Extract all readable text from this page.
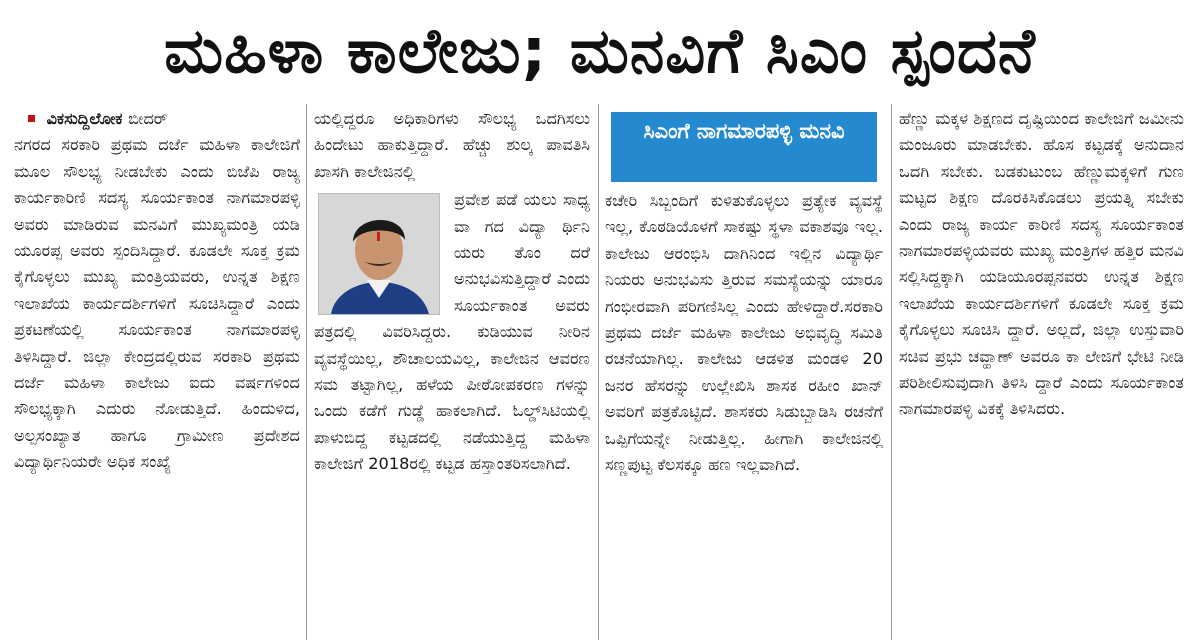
ಮಹಿಳಾ ಕಾಲೇಜು; ಮನವಿಗೆ ಸಿಎಂ ಸ್ಪಂದನೆ
ವಿಕಸುದ್ದಿಲೋಕ ಬೀದರ್

ನಗರದ ಸರಕಾರಿ ಪ್ರಥಮ ದರ್ಜೆ ಮಹಿಳಾ ಕಾಲೇಜಿಗೆ ಮೂಲ ಸೌಲಭ್ಯ ನೀಡಬೇಕು ಎಂದು ಬಿಜೆಪಿ ರಾಜ್ಯ ಕಾರ್ಯಕಾರಿಣಿ ಸದಸ್ಯ ಸೂರ್ಯಕಾಂತ ನಾಗಮಾರಪಳ್ಳಿ ಅವರು ಮಾಡಿರುವ ಮನವಿಗೆ ಮುಖ್ಯಮಂತ್ರಿ ಯಡಿ ಯೂರಪ್ಪ ಅವರು ಸ್ಪಂದಿಸಿದ್ದಾರೆ. ಕೂಡಲೇ ಸೂಕ್ತ ಕ್ರಮ ಕೈಗೊಳ್ಳಲು ಮುಖ್ಯ ಮಂತ್ರಿಯವರು, ಉನ್ನತ ಶಿಕ್ಷಣ ಇಲಾಖೆಯ ಕಾರ್ಯದರ್ಶಿಗಳಿಗೆ ಸೂಚಿಸಿದ್ದಾರೆ ಎಂದು ಪ್ರಕಟಣೆಯಲ್ಲಿ ಸೂರ್ಯಕಾಂತ ನಾಗಮಾರಪಳ್ಳಿ ತಿಳಿಸಿದ್ದಾರೆ. ಜಿಲ್ಲಾ ಕೇಂದ್ರದಲ್ಲಿರುವ ಸರಕಾರಿ ಪ್ರಥಮ ದರ್ಜೆ ಮಹಿಳಾ ಕಾಲೇಜು ಐದು ವರ್ಷಗಳಿಂದ ಸೌಲಭ್ಯಕ್ಕಾಗಿ ಎದುರು ನೋಡುತ್ತಿದೆ. ಹಿಂದುಳಿದ, ಅಲ್ಪಸಂಖ್ಯಾತ ಹಾಗೂ ಗ್ರಾಮೀಣ ಪ್ರದೇಶದ ವಿದ್ಯಾರ್ಥಿನಿಯರೇ ಅಧಿಕ ಸಂಖ್ಯೆ

ಯಲ್ಲಿದ್ದರೂ ಅಧಿಕಾರಿಗಳು ಸೌಲಭ್ಯ ಒದಗಿಸಲು ಹಿಂದೇಟು ಹಾಕುತ್ತಿದ್ದಾರೆ. ಹೆಚ್ಚು ಶುಲ್ಕ ಪಾವತಿಸಿ ಖಾಸಗಿ ಕಾಲೇಜಿನಲ್ಲಿ

ಪ್ರವೇಶ ಪಡೆ ಯಲು ಸಾಧ್ಯ ವಾ ಗದ ವಿದ್ಯಾ ರ್ಥಿನಿ ಯರು ತೊಂ ದರೆ ಅನುಭವಿಸುತ್ತಿದ್ದಾರೆ ಎಂದು ಸೂರ್ಯಕಾಂತ ಅವರು

ಪತ್ರದಲ್ಲಿ ವಿವರಿಸಿದ್ದರು. ಕುಡಿಯುವ ನೀರಿನ ವ್ಯವಸ್ಥೆಯಿಲ್ಲ, ಶೌಚಾಲಯವಿಲ್ಲ, ಕಾಲೇಜಿನ ಆವರಣ ಸಮ ತಟ್ಟಾಗಿಲ್ಲ, ಹಳೆಯ ಪೀಠೋಪಕರಣ ಗಳನ್ನು ಒಂದು ಕಡೆಗೆ ಗುಡ್ಡೆ ಹಾಕಲಾಗಿದೆ. ಓಲ್ಡ್‌ಸಿಟಿಯಲ್ಲಿ ಪಾಳುಬಿದ್ದ ಕಟ್ಟಡದಲ್ಲಿ ನಡೆಯುತ್ತಿದ್ದ ಮಹಿಳಾ ಕಾಲೇಜಿಗೆ 2018ರಲ್ಲಿ ಕಟ್ಟಡ ಹಸ್ತಾಂತರಿಸಲಾಗಿದೆ.

ಸಿಎಂಗೆ ನಾಗಮಾರಪಳ್ಳಿ ಮನವಿ

ಕಚೇರಿ ಸಿಬ್ಬಂದಿಗೆ ಕುಳಿತುಕೊಳ್ಳಲು ಪ್ರತ್ಯೇಕ ವ್ಯವಸ್ಥೆ ಇಲ್ಲ, ಕೊಠಡಿಯೊಳಗೆ ಸಾಕಷ್ಟು ಸ್ಥಳಾ ವಕಾಶವೂ ಇಲ್ಲ. ಕಾಲೇಜು ಆರಂಭಿಸಿ ದಾಗಿನಿಂದ ಇಲ್ಲಿನ ವಿದ್ಯಾರ್ಥಿ ನಿಯರು ಅನುಭವಿಸು ತ್ತಿರುವ ಸಮಸ್ಯೆಯನ್ನು ಯಾರೂ ಗಂಭೀರವಾಗಿ ಪರಿಗಣಿಸಿಲ್ಲ ಎಂದು ಹೇಳಿದ್ದಾರೆ.ಸರಕಾರಿ ಪ್ರಥಮ ದರ್ಜೆ ಮಹಿಳಾ ಕಾಲೇಜು ಅಭಿವೃದ್ಧಿ ಸಮಿತಿ ರಚನೆಯಾಗಿಲ್ಲ. ಕಾಲೇಜು ಆಡಳಿತ ಮಂಡಳಿ 20 ಜನರ ಹೆಸರನ್ನು ಉಲ್ಲೇಖಿಸಿ ಶಾಸಕ ರಹೀಂ ಖಾನ್ ಅವರಿಗೆ ಪತ್ರಕೊಟ್ಟಿದೆ. ಶಾಸಕರು ಸಿಡುಬ್ಬಾಡಿಸಿ ರಚನೆಗೆ ಒಪ್ಪಿಗೆಯನ್ನೇ ನೀಡುತ್ತಿಲ್ಲ. ಹೀಗಾಗಿ ಕಾಲೇಜಿನಲ್ಲಿ ಸಣ್ಣಪುಟ್ಟ ಕೆಲಸಕ್ಕೂ ಹಣ ಇಲ್ಲವಾಗಿದೆ.

ಹೆಣ್ಣು ಮಕ್ಕಳ ಶಿಕ್ಷಣದ ದೃಷ್ಟಿಯಿಂದ ಕಾಲೇಜಿಗೆ ಜಮೀನು ಮಂಜೂರು ಮಾಡಬೇಕು. ಹೊಸ ಕಟ್ಟಡಕ್ಕೆ ಅನುದಾನ ಒದಗಿ ಸಬೇಕು. ಬಡಕುಟುಂಬ ಹೆಣ್ಣುಮಕ್ಕಳಿಗೆ ಗುಣ ಮಟ್ಟದ ಶಿಕ್ಷಣ ದೊರಕಿಸಿಕೊಡಲು ಪ್ರಯತ್ನಿ ಸಬೇಕು ಎಂದು ರಾಜ್ಯ ಕಾರ್ಯ ಕಾರಿಣಿ ಸದಸ್ಯ ಸೂರ್ಯಕಾಂತ ನಾಗಮಾರಪಳ್ಳಿಯವರು ಮುಖ್ಯ ಮಂತ್ರಿಗಳ ಹತ್ತಿರ ಮನವಿ ಸಲ್ಲಿಸಿದ್ದಕ್ಕಾಗಿ ಯಡಿಯೂರಪ್ಪನವರು ಉನ್ನತ ಶಿಕ್ಷಣ ಇಲಾಖೆಯ ಕಾರ್ಯದರ್ಶಿಗಳಿಗೆ ಕೂಡಲೇ ಸೂಕ್ತ ಕ್ರಮ ಕೈಗೊಳ್ಳಲು ಸೂಚಿಸಿ ದ್ದಾರೆ. ಅಲ್ಲದೆ, ಜಿಲ್ಲಾ ಉಸ್ತುವಾರಿ ಸಚಿವ ಪ್ರಭು ಚವ್ಹಾಣ್ ಅವರೂ ಕಾ ಲೇಜಿಗೆ ಭೇಟಿ ನೀಡಿ ಪರಿಶೀಲಿಸುವುದಾಗಿ ತಿಳಿಸಿ ದ್ದಾರೆ ಎಂದು ಸೂರ್ಯಕಾಂತ ನಾಗಮಾರಪಳ್ಳಿ ವಿಕಕ್ಕೆ ತಿಳಿಸಿದರು.
